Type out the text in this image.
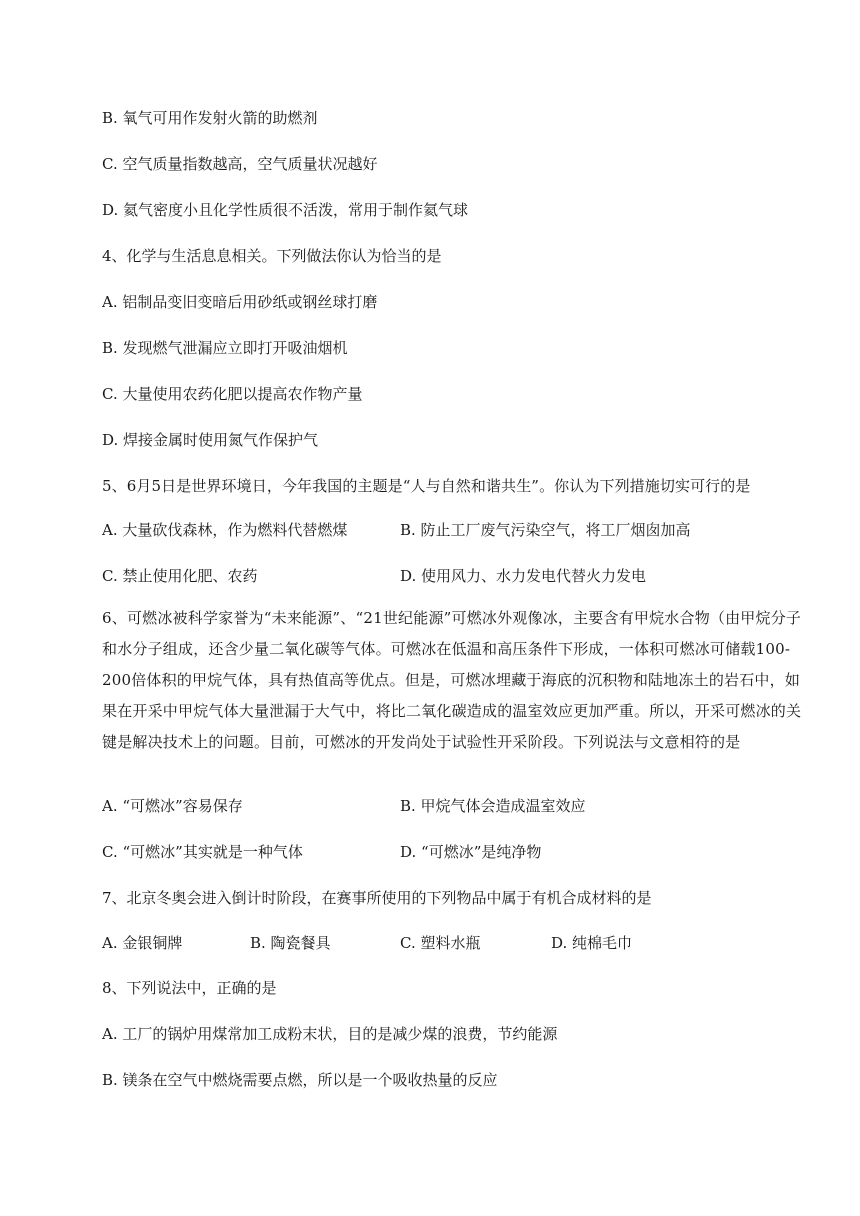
B. 氧气可用作发射火箭的助燃剂
C. 空气质量指数越高，空气质量状况越好
D. 氦气密度小且化学性质很不活泼，常用于制作氦气球
4、化学与生活息息相关。下列做法你认为恰当的是
A. 铝制品变旧变暗后用砂纸或钢丝球打磨
B. 发现燃气泄漏应立即打开吸油烟机
C. 大量使用农药化肥以提高农作物产量
D. 焊接金属时使用氮气作保护气
5、6月5日是世界环境日，今年我国的主题是“人与自然和谐共生”。你认为下列措施切实可行的是
A. 大量砍伐森林，作为燃料代替燃煤	B. 防止工厂废气污染空气，将工厂烟囱加高
C. 禁止使用化肥、农药	D. 使用风力、水力发电代替火力发电
6、可燃冰被科学家誉为“未来能源”、“21世纪能源”可燃冰外观像冰，主要含有甲烷水合物（由甲烷分子和水分子组成，还含少量二氧化碳等气体。可燃冰在低温和高压条件下形成，一体积可燃冰可储载100-200倍体积的甲烷气体，具有热值高等优点。但是，可燃冰埋藏于海底的沉积物和陆地冻土的岩石中，如果在开采中甲烷气体大量泄漏于大气中，将比二氧化碳造成的温室效应更加严重。所以，开采可燃冰的关键是解决技术上的问题。目前，可燃冰的开发尚处于试验性开采阶段。下列说法与文意相符的是
A. “可燃冰”容易保存	B. 甲烷气体会造成温室效应
C. “可燃冰”其实就是一种气体	D. “可燃冰”是纯净物
7、北京冬奥会进入倒计时阶段，在赛事所使用的下列物品中属于有机合成材料的是
A. 金银铜牌	B. 陶瓷餐具	C. 塑料水瓶	D. 纯棉毛巾
8、下列说法中，正确的是
A. 工厂的锅炉用煤常加工成粉末状，目的是减少煤的浪费，节约能源
B. 镁条在空气中燃烧需要点燃，所以是一个吸收热量的反应
